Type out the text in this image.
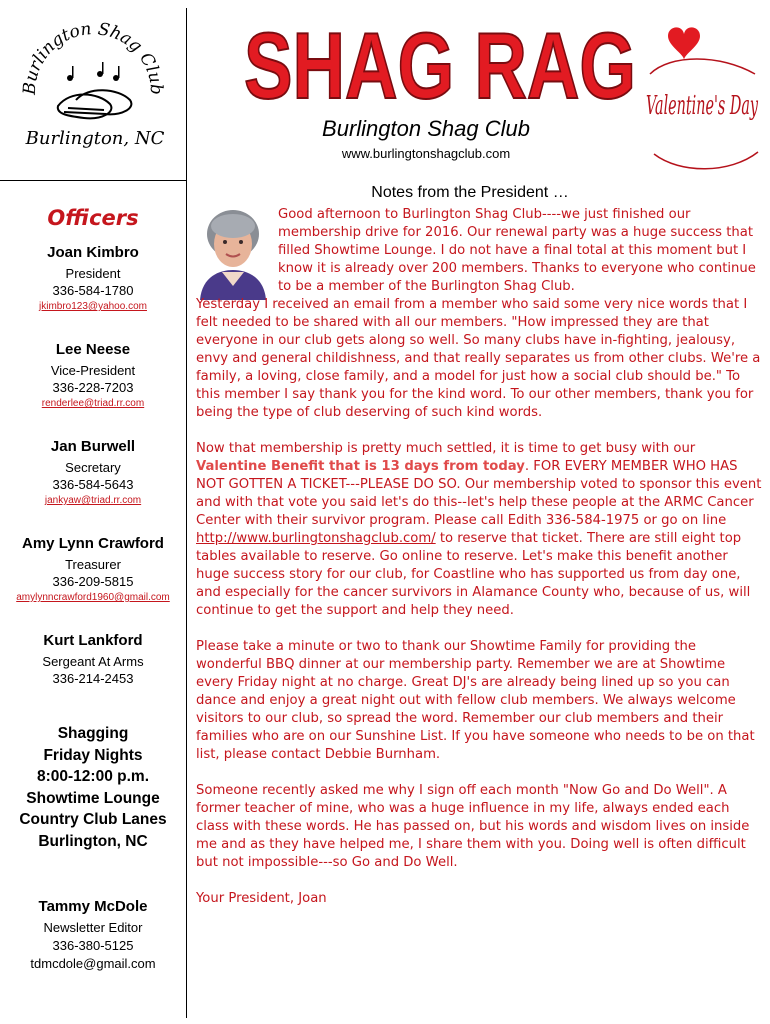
Burlington Shag Club
Burlington, NC
SHAG RAG
Burlington Shag Club
www.burlingtonshagclub.com
Valentine's Day
Officers
Joan Kimbro
President
336-584-1780
jkimbro123@yahoo.com
Lee Neese
Vice-President
336-228-7203
renderlee@triad.rr.com
Jan Burwell
Secretary
336-584-5643
jankyaw@triad.rr.com
Amy Lynn Crawford
Treasurer
336-209-5815
amylynncrawford1960@gmail.com
Kurt Lankford
Sergeant At Arms
336-214-2453
Shagging
Friday Nights
8:00-12:00 p.m.
Showtime Lounge
Country Club Lanes
Burlington, NC
Tammy McDole
Newsletter Editor
336-380-5125
tdmcdole@gmail.com
Notes from the President …

Good afternoon to Burlington Shag Club----we just finished our membership drive for 2016. Our renewal party was a huge success that filled Showtime Lounge. I do not have a final total at this moment but I know it is already over 200 members. Thanks to everyone who continue to be a member of the Burlington Shag Club.

Yesterday I received an email from a member who said some very nice words that I felt needed to be shared with all our members. "How impressed they are that everyone in our club gets along so well. So many clubs have in-fighting, jealousy, envy and general childishness, and that really separates us from other clubs. We're a family, a loving, close family, and a model for just how a social club should be." To this member I say thank you for the kind word. To our other members, thank you for being the type of club deserving of such kind words.

Now that membership is pretty much settled, it is time to get busy with our Valentine Benefit that is 13 days from today. FOR EVERY MEMBER WHO HAS NOT GOTTEN A TICKET---PLEASE DO SO. Our membership voted to sponsor this event and with that vote you said let's do this--let's help these people at the ARMC Cancer Center with their survivor program. Please call Edith 336-584-1975 or go on line http://www.burlingtonshagclub.com/ to reserve that ticket. There are still eight top tables available to reserve. Go online to reserve. Let's make this benefit another huge success story for our club, for Coastline who has supported us from day one, and especially for the cancer survivors in Alamance County who, because of us, will continue to get the support and help they need.

Please take a minute or two to thank our Showtime Family for providing the wonderful BBQ dinner at our membership party. Remember we are at Showtime every Friday night at no charge. Great DJ's are already being lined up so you can dance and enjoy a great night out with fellow club members. We always welcome visitors to our club, so spread the word. Remember our club members and their families who are on our Sunshine List. If you have someone who needs to be on that list, please contact Debbie Burnham.

Someone recently asked me why I sign off each month "Now Go and Do Well". A former teacher of mine, who was a huge influence in my life, always ended each class with these words. He has passed on, but his words and wisdom lives on inside me and as they have helped me, I share them with you. Doing well is often difficult but not impossible---so Go and Do Well.

Your President, Joan
